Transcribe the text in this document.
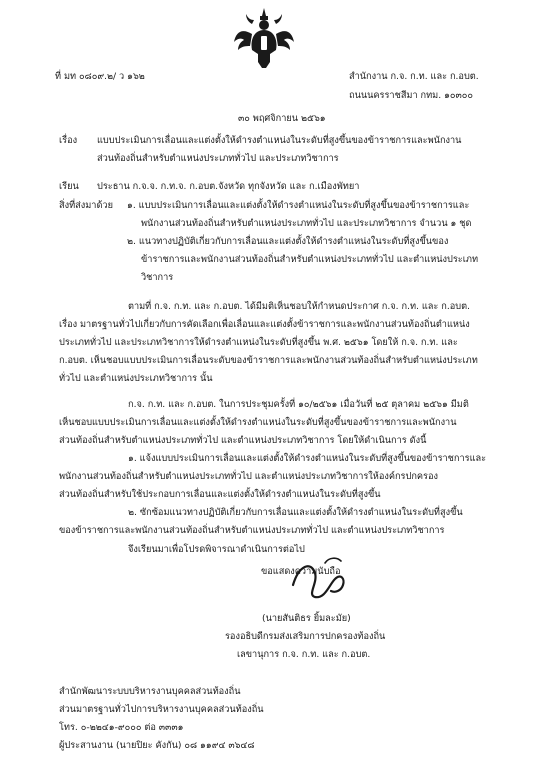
ที่ มท ๐๘๐๙.๒/ ว ๑๖๒	สำนักงาน ก.จ. ก.ท. และ ก.อบต.
ถนนนครราชสีมา กทม. ๑๐๓๐๐
๓๐ พฤศจิกายน ๒๕๖๑
เรื่อง แบบประเมินการเลื่อนและแต่งตั้งให้ดำรงตำแหน่งในระดับที่สูงขึ้นของข้าราชการและพนักงาน
ส่วนท้องถิ่นสำหรับตำแหน่งประเภททั่วไป และประเภทวิชาการ
เรียน ประธาน ก.จ.จ. ก.ท.จ. ก.อบต.จังหวัด ทุกจังหวัด และ ก.เมืองพัทยา
สิ่งที่ส่งมาด้วย ๑. แบบประเมินการเลื่อนและแต่งตั้งให้ดำรงตำแหน่งในระดับที่สูงขึ้นของข้าราชการและ
พนักงานส่วนท้องถิ่นสำหรับตำแหน่งประเภททั่วไป และประเภทวิชาการ จำนวน ๑ ชุด
๒. แนวทางปฏิบัติเกี่ยวกับการเลื่อนและแต่งตั้งให้ดำรงตำแหน่งในระดับที่สูงขึ้นของ
ข้าราชการและพนักงานส่วนท้องถิ่นสำหรับตำแหน่งประเภททั่วไป และตำแหน่งประเภท
วิชาการ
ตามที่ ก.จ. ก.ท. และ ก.อบต. ได้มีมติเห็นชอบให้กำหนดประกาศ ก.จ. ก.ท. และ ก.อบต.
เรื่อง มาตรฐานทั่วไปเกี่ยวกับการคัดเลือกเพื่อเลื่อนและแต่งตั้งข้าราชการและพนักงานส่วนท้องถิ่นตำแหน่ง
ประเภททั่วไป และประเภทวิชาการให้ดำรงตำแหน่งในระดับที่สูงขึ้น พ.ศ. ๒๕๖๑ โดยให้ ก.จ. ก.ท. และ
ก.อบต. เห็นชอบแบบประเมินการเลื่อนระดับของข้าราชการและพนักงานส่วนท้องถิ่นสำหรับตำแหน่งประเภท
ทั่วไป และตำแหน่งประเภทวิชาการ นั้น
ก.จ. ก.ท. และ ก.อบต. ในการประชุมครั้งที่ ๑๐/๒๕๖๑ เมื่อวันที่ ๒๕ ตุลาคม ๒๕๖๑ มีมติ
เห็นชอบแบบประเมินการเลื่อนและแต่งตั้งให้ดำรงตำแหน่งในระดับที่สูงขึ้นของข้าราชการและพนักงาน
ส่วนท้องถิ่นสำหรับตำแหน่งประเภททั่วไป และตำแหน่งประเภทวิชาการ โดยให้ดำเนินการ ดังนี้
๑. แจ้งแบบประเมินการเลื่อนและแต่งตั้งให้ดำรงตำแหน่งในระดับที่สูงขึ้นของข้าราชการและ
พนักงานส่วนท้องถิ่นสำหรับตำแหน่งประเภททั่วไป และตำแหน่งประเภทวิชาการให้องค์กรปกครอง
ส่วนท้องถิ่นสำหรับใช้ประกอบการเลื่อนและแต่งตั้งให้ดำรงตำแหน่งในระดับที่สูงขึ้น
๒. ซักซ้อมแนวทางปฏิบัติเกี่ยวกับการเลื่อนและแต่งตั้งให้ดำรงตำแหน่งในระดับที่สูงขึ้น
ของข้าราชการและพนักงานส่วนท้องถิ่นสำหรับตำแหน่งประเภททั่วไป และตำแหน่งประเภทวิชาการ
จึงเรียนมาเพื่อโปรดพิจารณาดำเนินการต่อไป
ขอแสดงความนับถือ
(นายสันติธร ยิ้มละมัย)
รองอธิบดีกรมส่งเสริมการปกครองท้องถิ่น
เลขานุการ ก.จ. ก.ท. และ ก.อบต.
สำนักพัฒนาระบบบริหารงานบุคคลส่วนท้องถิ่น
ส่วนมาตรฐานทั่วไปการบริหารงานบุคคลส่วนท้องถิ่น
โทร. ๐-๒๒๔๑-๙๐๐๐ ต่อ ๓๓๓๑
ผู้ประสานงาน (นายปิยะ คังกัน) ๐๘ ๑๑๙๔ ๓๖๔๘
